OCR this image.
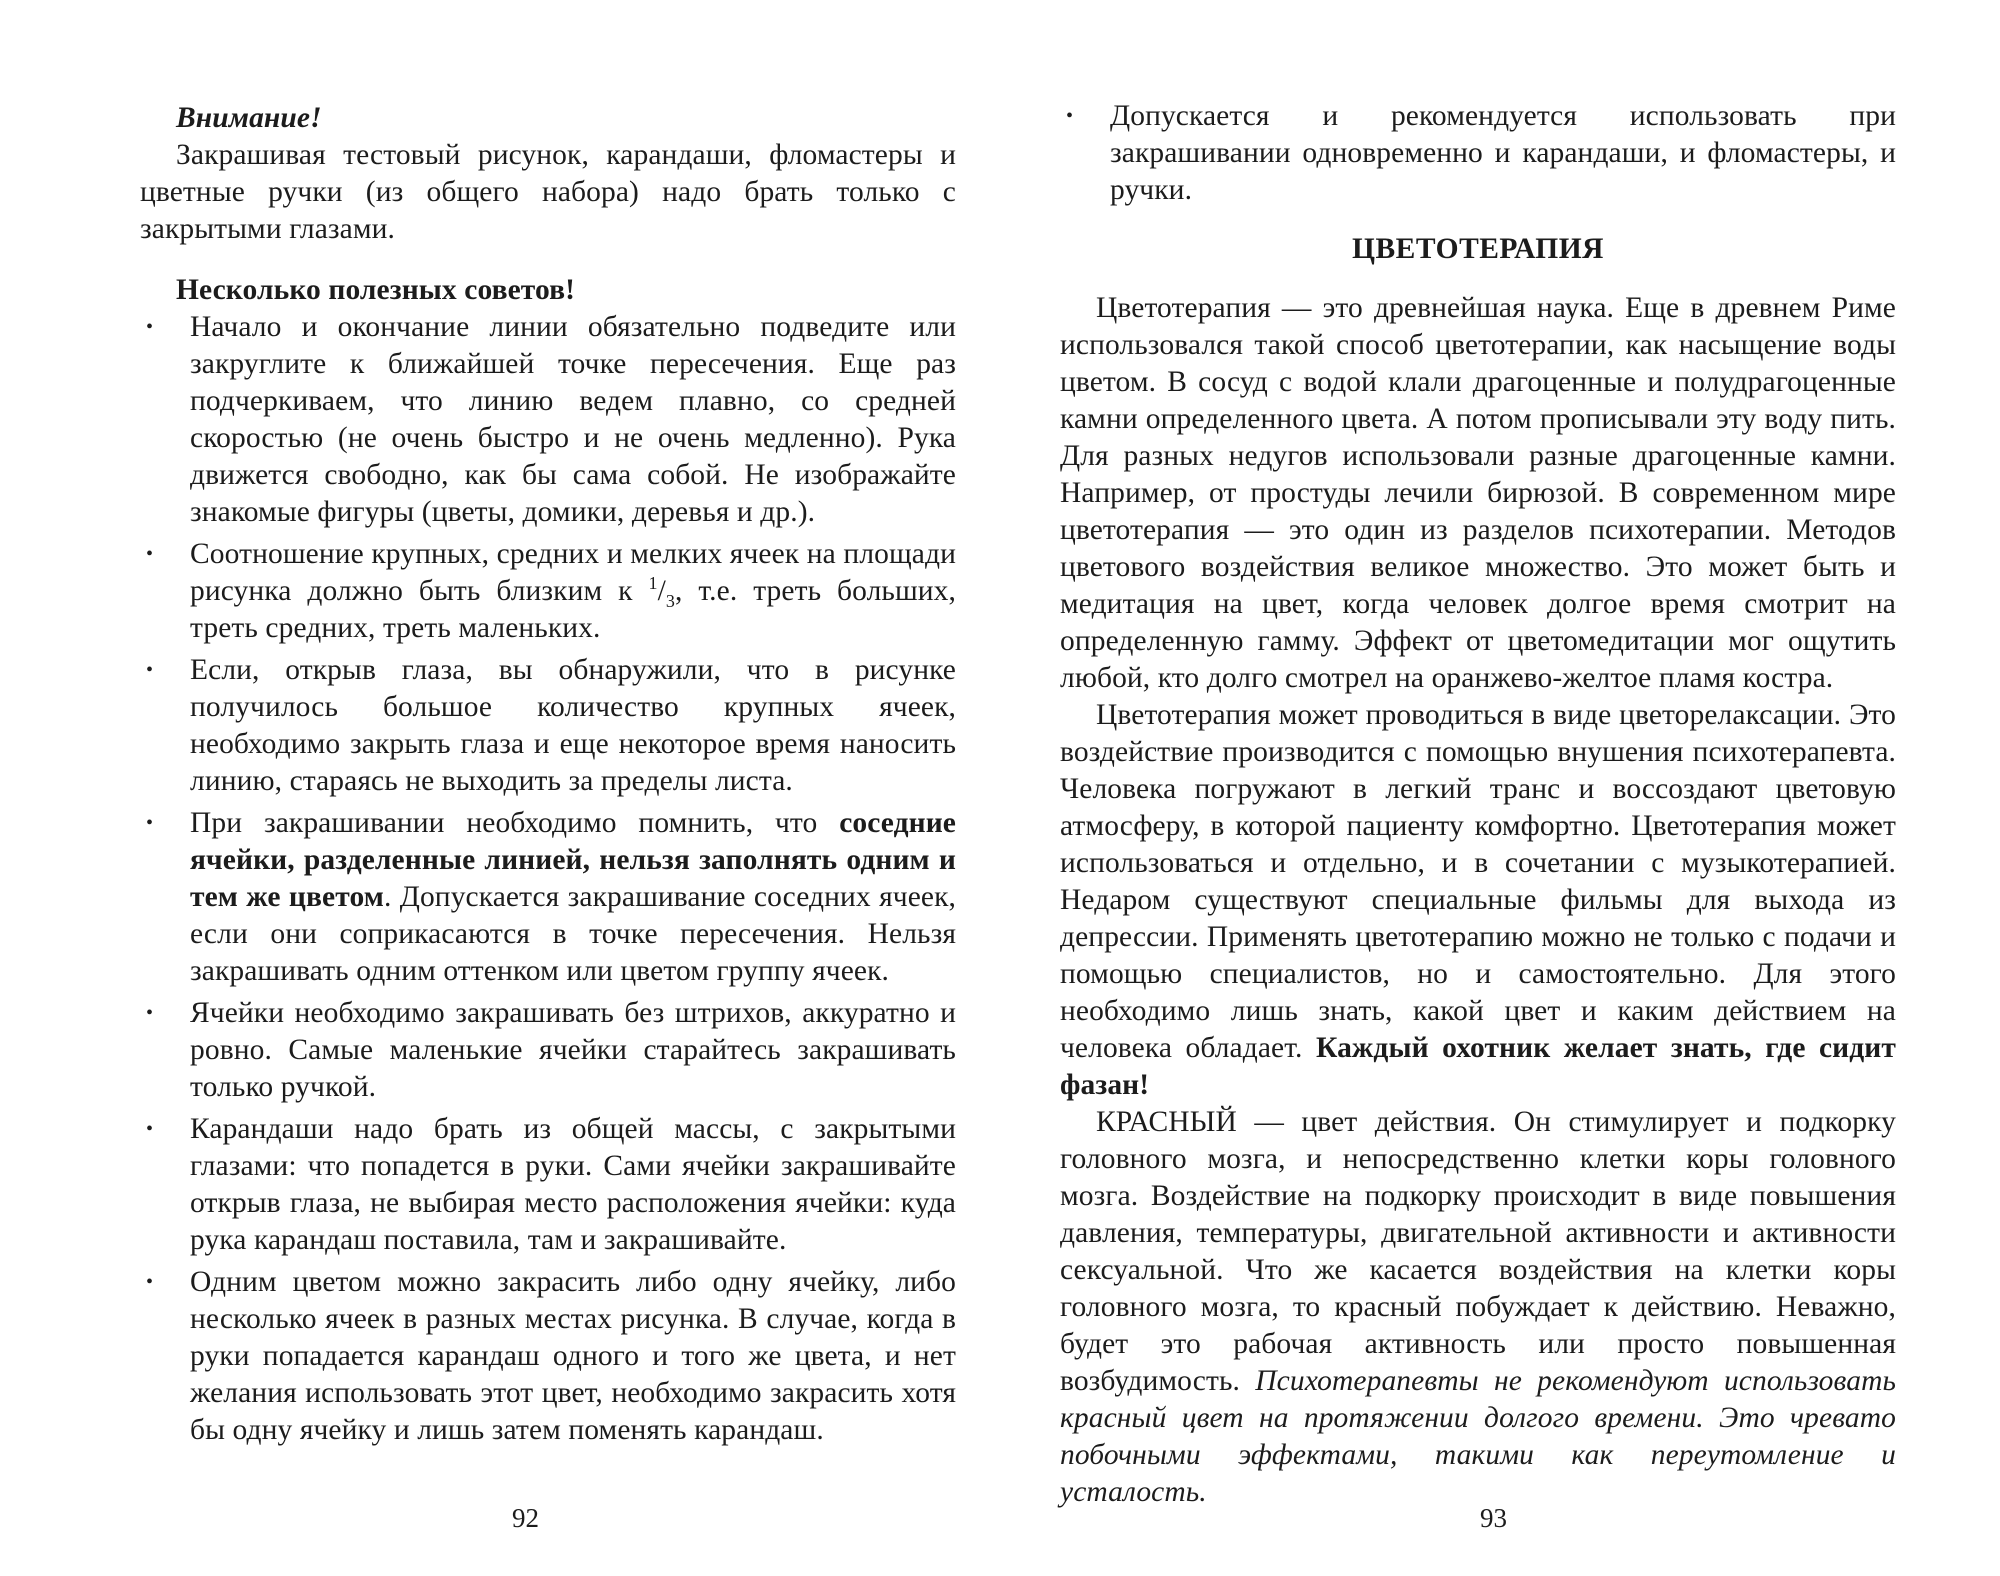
Внимание!

Закрашивая тестовый рисунок, карандаши, фломастеры и цветные ручки (из общего набора) надо брать только с закрытыми глазами.

Несколько полезных советов!

• Начало и окончание линии обязательно подведите или закруглите к ближайшей точке пересечения. Еще раз подчеркиваем, что линию ведем плавно, со средней скоростью (не очень быстро и не очень медленно). Рука движется свободно, как бы сама собой. Не изображайте знакомые фигуры (цветы, домики, деревья и др.).
• Соотношение крупных, средних и мелких ячеек на площади рисунка должно быть близким к $^1/_3$, т.е. треть больших, треть средних, треть маленьких.
• Если, открыв глаза, вы обнаружили, что в рисунке получилось большое количество крупных ячеек, необходимо закрыть глаза и еще некоторое время наносить линию, стараясь не выходить за пределы листа.
• При закрашивании необходимо помнить, что соседние ячейки, разделенные линией, нельзя заполнять одним и тем же цветом. Допускается закрашивание соседних ячеек, если они соприкасаются в точке пересечения. Нельзя закрашивать одним оттенком или цветом группу ячеек.
• Ячейки необходимо закрашивать без штрихов, аккуратно и ровно. Самые маленькие ячейки старайтесь закрашивать только ручкой.
• Карандаши надо брать из общей массы, с закрытыми глазами: что попадется в руки. Сами ячейки закрашивайте открыв глаза, не выбирая место расположения ячейки: куда рука карандаш поставила, там и закрашивайте.
• Одним цветом можно закрасить либо одну ячейку, либо несколько ячеек в разных местах рисунка. В случае, когда в руки попадается карандаш одного и того же цвета, и нет желания использовать этот цвет, необходимо закрасить хотя бы одну ячейку и лишь затем поменять карандаш.
92
• Допускается и рекомендуется использовать при закрашивании одновременно и карандаши, и фломастеры, и ручки.

ЦВЕТОТЕРАПИЯ

Цветотерапия — это древнейшая наука. Еще в древнем Риме использовался такой способ цветотерапии, как насыщение воды цветом. В сосуд с водой клали драгоценные и полудрагоценные камни определенного цвета. А потом прописывали эту воду пить. Для разных недугов использовали разные драгоценные камни. Например, от простуды лечили бирюзой. В современном мире цветотерапия — это один из разделов психотерапии. Методов цветового воздействия великое множество. Это может быть и медитация на цвет, когда человек долгое время смотрит на определенную гамму. Эффект от цветомедитации мог ощутить любой, кто долго смотрел на оранжево-желтое пламя костра.

Цветотерапия может проводиться в виде цветорелаксации. Это воздействие производится с помощью внушения психотерапевта. Человека погружают в легкий транс и воссоздают цветовую атмосферу, в которой пациенту комфортно. Цветотерапия может использоваться и отдельно, и в сочетании с музыкотерапией. Недаром существуют специальные фильмы для выхода из депрессии. Применять цветотерапию можно не только с подачи и помощью специалистов, но и самостоятельно. Для этого необходимо лишь знать, какой цвет и каким действием на человека обладает. Каждый охотник желает знать, где сидит фазан!

КРАСНЫЙ — цвет действия. Он стимулирует и подкорку головного мозга, и непосредственно клетки коры головного мозга. Воздействие на подкорку происходит в виде повышения давления, температуры, двигательной активности и активности сексуальной. Что же касается воздействия на клетки коры головного мозга, то красный побуждает к действию. Неважно, будет это рабочая активность или просто повышенная возбудимость. Психотерапевты не рекомендуют использовать красный цвет на протяжении долгого времени. Это чревато побочными эффектами, такими как переутомление и усталость.

93
